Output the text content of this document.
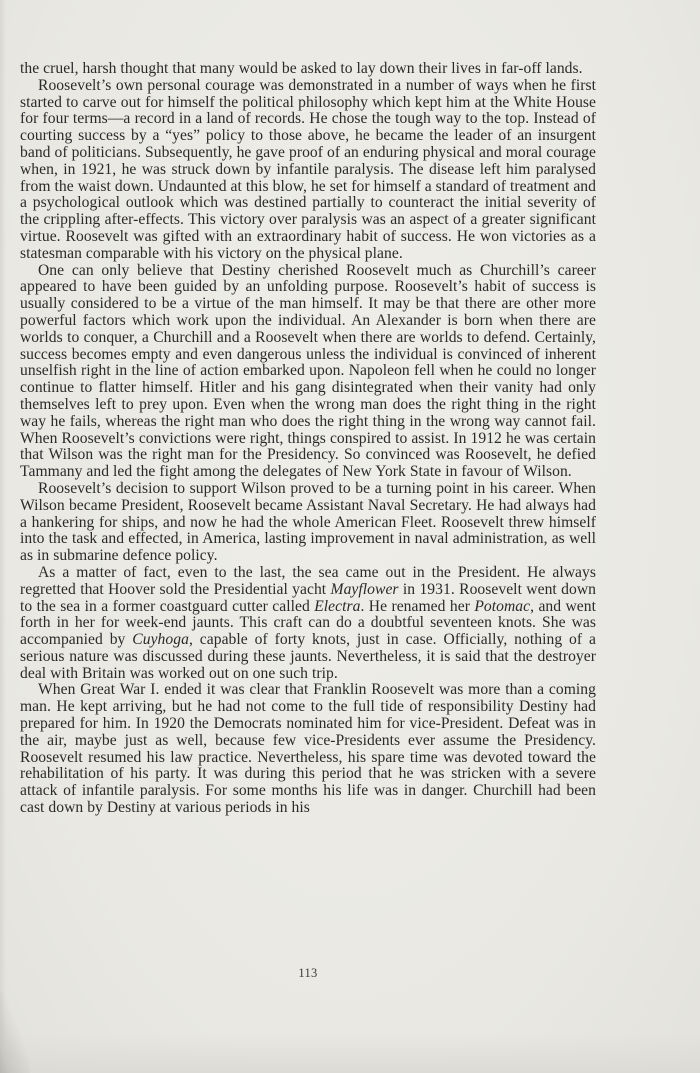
the cruel, harsh thought that many would be asked to lay down their lives in far-off lands.

Roosevelt’s own personal courage was demonstrated in a number of ways when he first started to carve out for himself the political philosophy which kept him at the White House for four terms—a record in a land of records. He chose the tough way to the top. Instead of courting success by a “yes” policy to those above, he became the leader of an insurgent band of politicians. Subsequently, he gave proof of an enduring physical and moral courage when, in 1921, he was struck down by infantile paralysis. The disease left him paralysed from the waist down. Undaunted at this blow, he set for himself a standard of treatment and a psychological outlook which was destined partially to counteract the initial severity of the crippling after-effects. This victory over paralysis was an aspect of a greater significant virtue. Roosevelt was gifted with an extraordinary habit of success. He won victories as a statesman comparable with his victory on the physical plane.

One can only believe that Destiny cherished Roosevelt much as Churchill’s career appeared to have been guided by an unfolding purpose. Roosevelt’s habit of success is usually considered to be a virtue of the man himself. It may be that there are other more powerful factors which work upon the individual. An Alexander is born when there are worlds to conquer, a Churchill and a Roosevelt when there are worlds to defend. Certainly, success becomes empty and even dangerous unless the individual is convinced of inherent unselfish right in the line of action embarked upon. Napoleon fell when he could no longer continue to flatter himself. Hitler and his gang disintegrated when their vanity had only themselves left to prey upon. Even when the wrong man does the right thing in the right way he fails, whereas the right man who does the right thing in the wrong way cannot fail. When Roosevelt’s convictions were right, things conspired to assist. In 1912 he was certain that Wilson was the right man for the Presidency. So convinced was Roosevelt, he defied Tammany and led the fight among the delegates of New York State in favour of Wilson.

Roosevelt’s decision to support Wilson proved to be a turning point in his career. When Wilson became President, Roosevelt became Assistant Naval Secretary. He had always had a hankering for ships, and now he had the whole American Fleet. Roosevelt threw himself into the task and effected, in America, lasting improvement in naval administration, as well as in submarine defence policy.

As a matter of fact, even to the last, the sea came out in the President. He always regretted that Hoover sold the Presidential yacht Mayflower in 1931. Roosevelt went down to the sea in a former coastguard cutter called Electra. He renamed her Potomac, and went forth in her for week-end jaunts. This craft can do a doubtful seventeen knots. She was accompanied by Cuyhoga, capable of forty knots, just in case. Officially, nothing of a serious nature was discussed during these jaunts. Nevertheless, it is said that the destroyer deal with Britain was worked out on one such trip.

When Great War I. ended it was clear that Franklin Roosevelt was more than a coming man. He kept arriving, but he had not come to the full tide of responsibility Destiny had prepared for him. In 1920 the Democrats nominated him for vice-President. Defeat was in the air, maybe just as well, because few vice-Presidents ever assume the Presidency. Roosevelt resumed his law practice. Nevertheless, his spare time was devoted toward the rehabilitation of his party. It was during this period that he was stricken with a severe attack of infantile paralysis. For some months his life was in danger. Churchill had been cast down by Destiny at various periods in his

113
